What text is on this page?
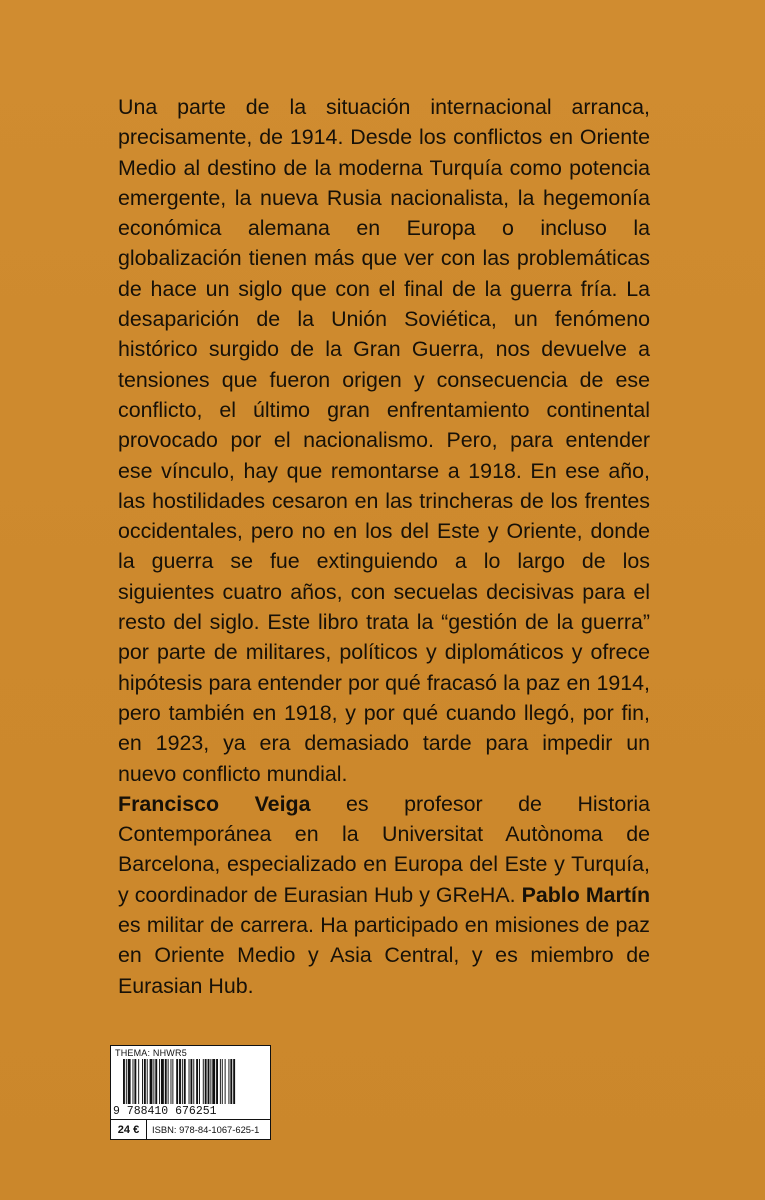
Una parte de la situación internacional arranca, precisamente, de 1914. Desde los conflictos en Oriente Medio al destino de la moderna Turquía como potencia emergente, la nueva Rusia nacionalista, la hegemonía económica alemana en Europa o incluso la globalización tienen más que ver con las problemáticas de hace un siglo que con el final de la guerra fría. La desaparición de la Unión Soviética, un fenómeno histórico surgido de la Gran Guerra, nos devuelve a tensiones que fueron origen y consecuencia de ese conflicto, el último gran enfrentamiento continental provocado por el nacionalismo. Pero, para entender ese vínculo, hay que remontarse a 1918. En ese año, las hostilidades cesaron en las trincheras de los frentes occidentales, pero no en los del Este y Oriente, donde la guerra se fue extinguiendo a lo largo de los siguientes cuatro años, con secuelas decisivas para el resto del siglo. Este libro trata la “gestión de la guerra” por parte de militares, políticos y diplomáticos y ofrece hipótesis para entender por qué fracasó la paz en 1914, pero también en 1918, y por qué cuando llegó, por fin, en 1923, ya era demasiado tarde para impedir un nuevo conflicto mundial.

Francisco Veiga es profesor de Historia Contemporánea en la Universitat Autònoma de Barcelona, especializado en Europa del Este y Turquía, y coordinador de Eurasian Hub y GReHA. Pablo Martín es militar de carrera. Ha participado en misiones de paz en Oriente Medio y Asia Central, y es miembro de Eurasian Hub.

THEMA: NHWR5
9 788410 676251
24 €	ISBN: 978-84-1067-625-1
